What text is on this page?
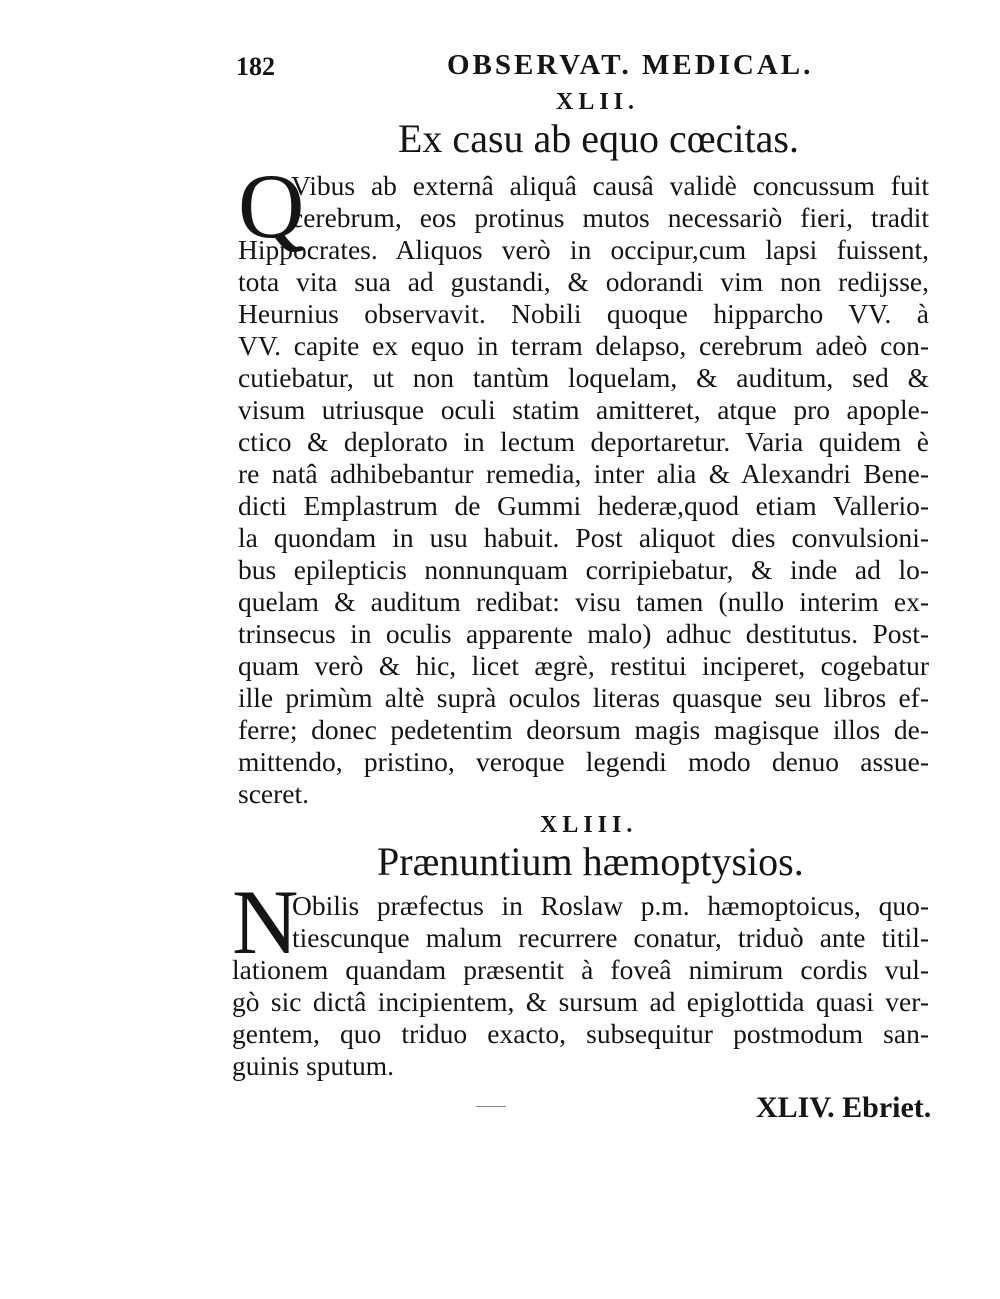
182	OBSERVAT. MEDICAL.
XLII.
Ex casu ab equo cœcitas.
Q
Vibus ab externâ aliquâ causâ validè concussum fuit
cerebrum, eos protinus mutos necessariò fieri, tradit
Hippocrates. Aliquos verò in occipur,cum lapsi fuissent,
tota vita sua ad gustandi, & odorandi vim non redijsse,
Heurnius observavit. Nobili quoque hipparcho VV. à
VV. capite ex equo in terram delapso, cerebrum adeò con-
cutiebatur, ut non tantùm loquelam, & auditum, sed &
visum utriusque oculi statim amitteret, atque pro apople-
ctico & deplorato in lectum deportaretur. Varia quidem è
re natâ adhibebantur remedia, inter alia & Alexandri Bene-
dicti Emplastrum de Gummi hederæ,quod etiam Vallerio-
la quondam in usu habuit. Post aliquot dies convulsioni-
bus epilepticis nonnunquam corripiebatur, & inde ad lo-
quelam & auditum redibat: visu tamen (nullo interim ex-
trinsecus in oculis apparente malo) adhuc destitutus. Post-
quam verò & hic, licet ægrè, restitui inciperet, cogebatur
ille primùm altè suprà oculos literas quasque seu libros ef-
ferre; donec pedetentim deorsum magis magisque illos de-
mittendo, pristino, veroque legendi modo denuo assue-
sceret.
XLIII.
Prænuntium hæmoptysios.
N
Obilis præfectus in Roslaw p.m. hæmoptoicus, quo-
tiescunque malum recurrere conatur, triduò ante titil-
lationem quandam præsentit à foveâ nimirum cordis vul-
gò sic dictâ incipientem, & sursum ad epiglottida quasi ver-
gentem, quo triduo exacto, subsequitur postmodum san-
guinis sputum.
XLIV. Ebriet.
